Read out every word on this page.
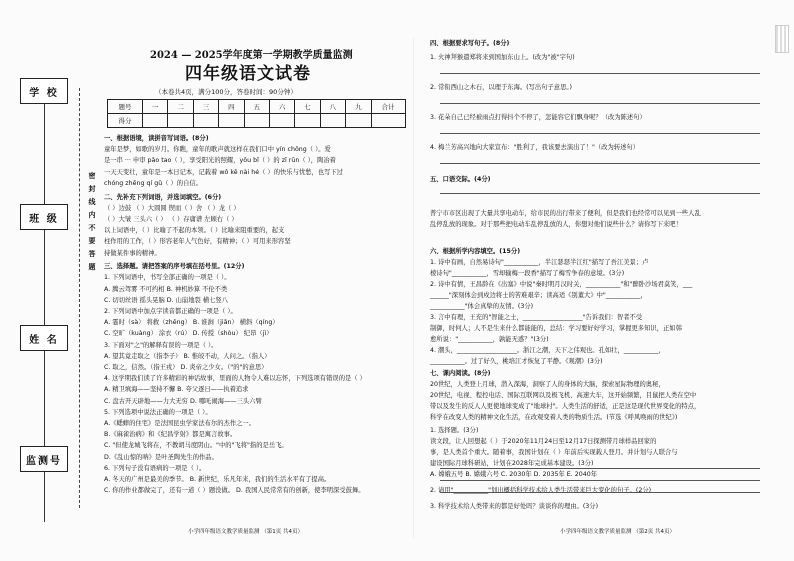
学 校
班 级
姓 名
监测号
密封线内不要答题
2024 — 2025学年度第一学期教学质量监测
四年级语文试卷
（本卷共4页，满分100分，答卷时间：90分钟）
题号	一	二	三	四	五	六	七	八	九	合计
得分										
一、根据语境，读拼音写词语。(8分)
童年是梦，如歌的岁月。你瞧，童年的歌声就这样在我们口中 yín chǒng（ ）。爱
是一串 ··· 申审 pǎo tao（ ），享受阳光的照耀，yǒu bǐ（ ）的 zī rūn（ ），陶冶着
一天天变壮，童年是一本日记本，记载着 wǒ kě nài hé（ ）的快乐与忧愁，也写下过
chóng zhēng qí gǔ（ ）的自信。
二、先补充下列词语，并选词填空。(6分)
（ ）边鼓 （ ）大圆圆 锲而（ ）舍 （ ）龙（ ）
（ ）大皱 三头六（ ） （ ）存庸谱 左顾右（ ）
以上词语中，（ ）比喻了不起的本领。（ ）比喻来阻重要的，起支
柱作用的工作，（ ）形容老年人气色好，有精神；（ ）可用来形容坚
持做某件事的精神。
三、选择题。请把答案的序号填在括号里。(12分)
1. 下列词语中，书写全部正确的一项是（ ）。
A. 腾云驾雾 不可约相 B. 神机妙算 不伦不类
C. 切切丝语 摇头晃脑 D. 山崩地裂 横七竖八
2. 下列词语中加点字读音都正确的一项是（ ）。
A. 霎时（sà） 将救（zhěng） B. 谁涧（jiǎn） 横斜（qíng）
C. 空旷（kuàng） 涂衣（rú） D. 传授（shòu） 纪昂（jì）
3. 下面对"之"的解释有误的一项是（ ）。
A. 望其竟走取之（指李子） B. 惟皎不动，人问之。（指人）
C. 取之，信然。（指王戎） D. 炎帝之少女。（"的"的意思）
4. 这学期我们读了许多精彩的神话故事，里面的人物令人难以忘怀，下列选项有错误的是（ ）
A. 精卫填海——坚持不懈 B. 夸父逐日——执着追求
C. 盘古开天辟地——力大无穷 D. 哪吒闹海——三头六臂
5. 下列选项中说法正确的一项是（ ）。
A.《蟋蟀的住宅》是法国昆虫学家法布尔的杰作之一。
B.《麻雀治病》和《纪昌学射》都是寓言故事。
C. "但使龙城飞将在，不教胡马度阴山。"中的"飞将"指的是岳飞。
D.《乱山惊的呐》是叶圣陶先生的作品。
6. 下列句子没有语病的一项是（ ）。
A. 冬天的广州是最美的季节。 B. 新世纪，乐凡年来，我们的生活水平有了提高。
C. 你的作业都做完了，还有一道（ ）题没做。 D. 我国人民常常有的创新，使李明深受鼓舞。
四、根据要求写句子。(8分)
1. 火神拜猴遣郑将来到国加东山上。(改为"被"字句)
2. 常衔西山之木石，以理于东海。(写出句子意思。)
3. 花朵自己已经被雨点打得抖个不停了，怎能容它们飘身呢？（改为陈述句）
4. 梅兰芳高兴地向大家宣布："胜利了，我该要去演出了！"（改为转述句）
五、口语交际。(4分)
普宁市市区出现了大量共享电动车，给市民的出行带来了便利，但是我们也经常可以见到一些人乱
乱停乱放的现象。对于那些把电动车乱停乱放的人，你想对他们说些什么？请你写下来吧！
六、根据所学内容填空。(15分)
1. 诗中有画，自然易诗句"___________，半江瑟瑟半江红"描写了吾江美景；卢
棱诗句"___________，雪却输梅一段香"描写了梅雪争春的意境。(3分)
2. 诗中有情，王昌龄在《出塞》中说"秦时明月汉时关，___________"和"醉卧沙场君莫笑，___
______"深刻体会到戍边将士的苦难艰辛；读高适《别董大》中"___________，
___________"体会真挚的友情。(3分)
3. 言中有理，王充的"智能之士，___________________"告诉我们：智者不受
制御，时何人；人不是生来什么都能能的，总结：学习要好好学习，掌握更多知识，正如韩
愈所说："___________，孰能无惑？"(3分)
4. 潮头，___________________。浙江之潮，天下之伟观也。孔如壮，___________，
___________。过了好久，桃培江才恢复了平静。《观潮》(3分)
七、课内阅读。(8分)
20世纪，人类登上月球，潜入深海，洞察了人的身体的大脑，探索星际物理的奥秘，
20世纪，电视、程控电话、国际互联网以及极飞机、高速大车，这开始频繁，目鼠把人类在空中
带以及发生的反人人更使地球变成了"地球村"。人类生活的舒适，正是这是现代世界变化的特点，
科学在改变人类的精神文化生活，在改观变着人类的物质生活。(节选《呼风唤雨的世纪》)
1. 选择题。(3分)
读文段，让人回想起（ ）于2020年11月24日至12月17日探测带月球样品回家的
事，是人类首个重大。随着事，我国计划在（ ）年前后实现载人登月。并计划与人联合与
建设国际月球科研站，计划在2028年完成基本建设。(3分)
A. 嫦娥五号 B. 嫦娥六号 C. 2030年 D. 2035年 E. 2040年
2. 请用"___________"划出概括科学技术给人类生活带来巨大变化的句子。(2分)
3. 科学技术给人类带来的都是好处吗？谈谈你的理由。(3分)
小学四年级语文教学质量监测 （第1页 共4页）	小学四年级语文教学质量监测 （第2页 共4页）
